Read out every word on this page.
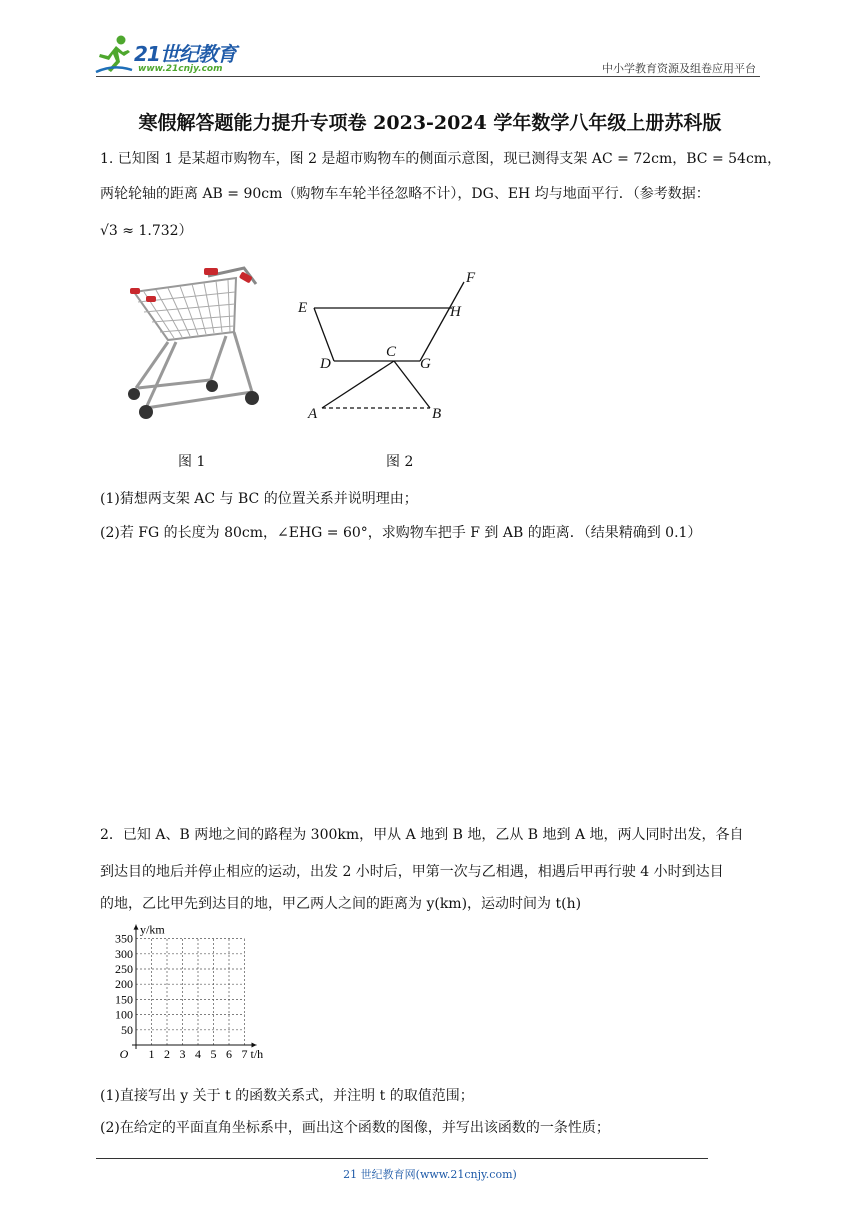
21世纪教育
www.21cnjy.com	中小学教育资源及组卷应用平台
寒假解答题能力提升专项卷 2023-2024 学年数学八年级上册苏科版
1. 已知图 1 是某超市购物车，图 2 是超市购物车的侧面示意图，现已测得支架 AC = 72cm，BC = 54cm，
两轮轮轴的距离 AB = 90cm（购物车车轮半径忽略不计），DG、EH 均与地面平行．（参考数据：
√3 ≈ 1.732）
图 1
F
E	H
D
C
G
A	B
图 2
(1)猜想两支架 AC 与 BC 的位置关系并说明理由；
(2)若 FG 的长度为 80cm，∠EHG = 60°，求购物车把手 F 到 AB 的距离．（结果精确到 0.1）
2．已知 A、B 两地之间的路程为 300km，甲从 A 地到 B 地，乙从 B 地到 A 地，两人同时出发，各自
到达目的地后并停止相应的运动，出发 2 小时后，甲第一次与乙相遇，相遇后甲再行驶 4 小时到达目
的地，乙比甲先到达目的地，甲乙两人之间的距离为 y(km)，运动时间为 t(h)
1 2 3 4 5 6 7
50
100
150
200
250
300
350
O
y/km
t/h
(1)直接写出 y 关于 t 的函数关系式，并注明 t 的取值范围；
(2)在给定的平面直角坐标系中，画出这个函数的图像，并写出该函数的一条性质；
21 世纪教育网(www.21cnjy.com)
